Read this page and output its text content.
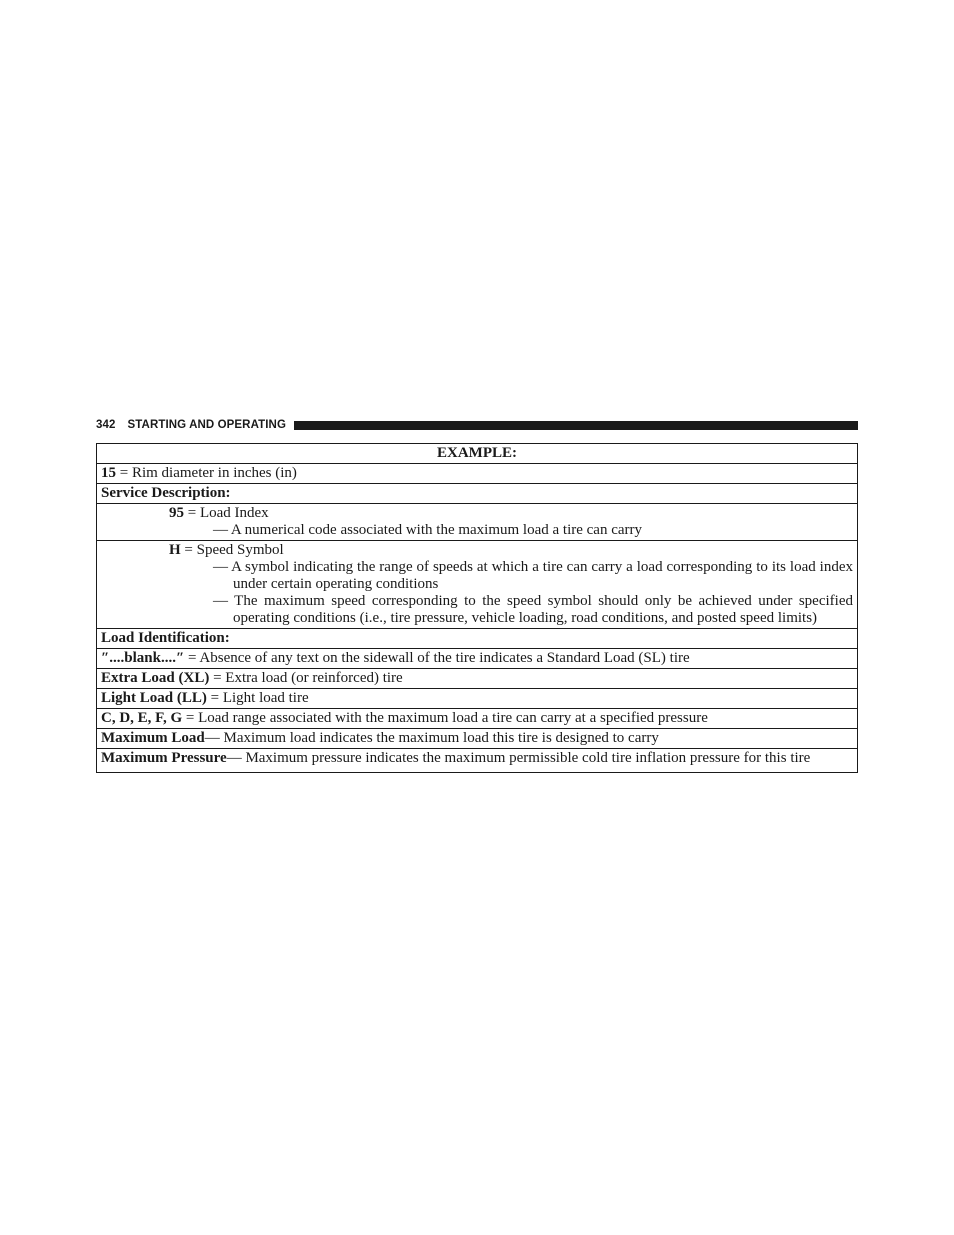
342 STARTING AND OPERATING
EXAMPLE:
15 = Rim diameter in inches (in)
Service Description:

95 = Load Index
— A numerical code associated with the maximum load a tire can carry

H = Speed Symbol
— A symbol indicating the range of speeds at which a tire can carry a load corresponding to its load index under certain operating conditions
— The maximum speed corresponding to the speed symbol should only be achieved under specified operating conditions (i.e., tire pressure, vehicle loading, road conditions, and posted speed limits)

Load Identification:
″....blank....″ = Absence of any text on the sidewall of the tire indicates a Standard Load (SL) tire
Extra Load (XL) = Extra load (or reinforced) tire
Light Load (LL) = Light load tire
C, D, E, F, G = Load range associated with the maximum load a tire can carry at a specified pressure
Maximum Load— Maximum load indicates the maximum load this tire is designed to carry
Maximum Pressure— Maximum pressure indicates the maximum permissible cold tire inflation pressure for this tire
